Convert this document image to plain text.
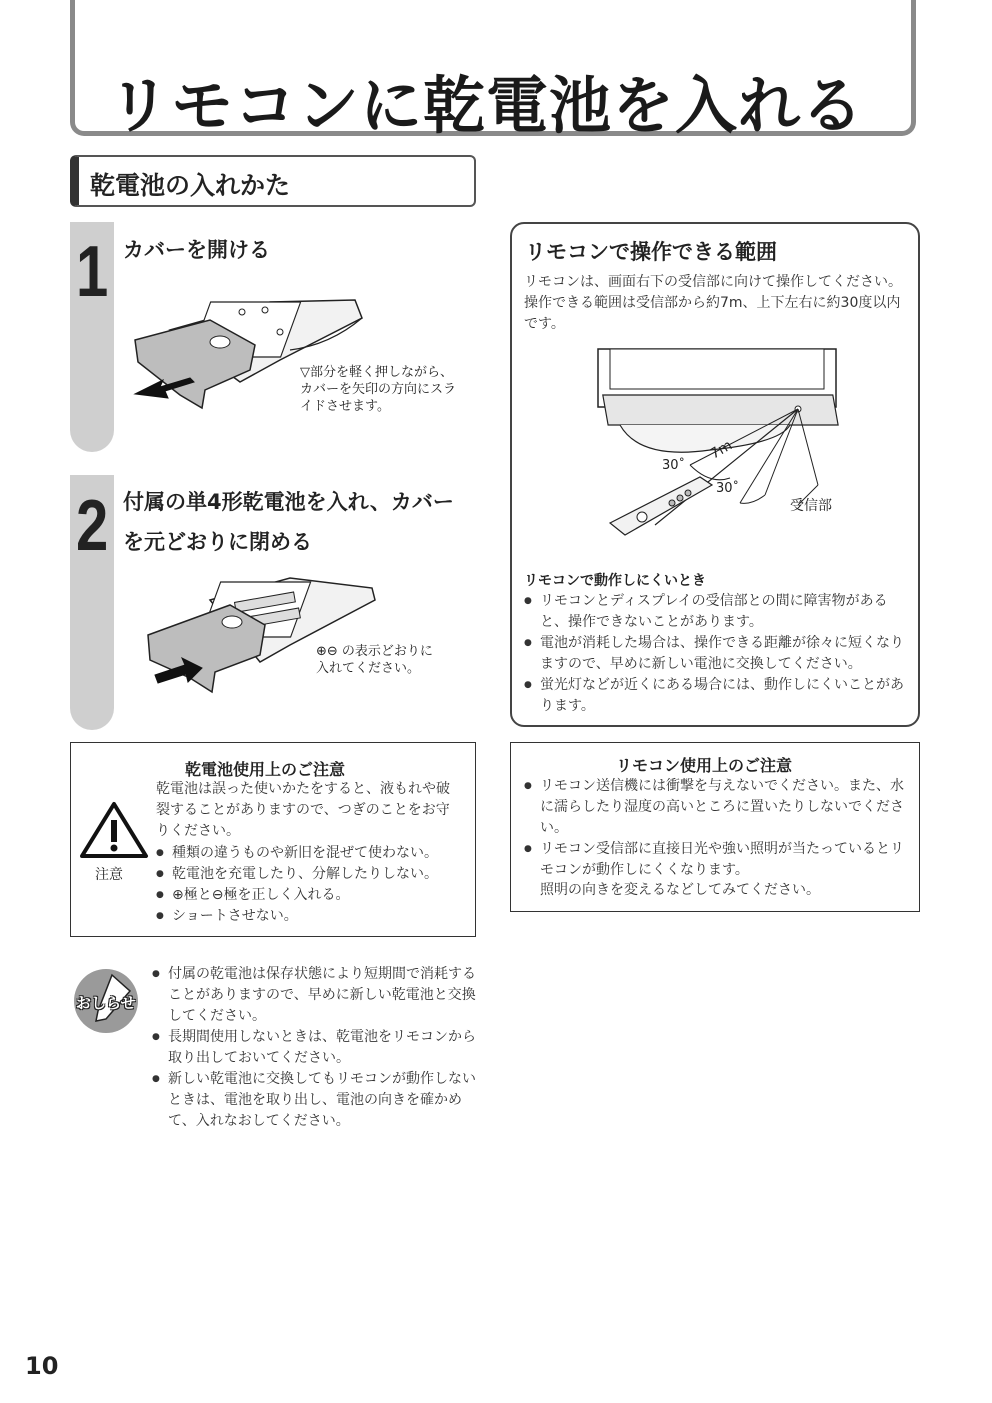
リモコンに乾電池を入れる
乾電池の入れかた
1 カバーを開ける
▽部分を軽く押しながら、
カバーを矢印の方向にスラ
イドさせます。
2 付属の単4形乾電池を入れ、カバー
を元どおりに閉める
⊕⊖ の表示どおりに
入れてください。
リモコンで操作できる範囲
リモコンは、画面右下の受信部に向けて操作してください。操作できる範囲は受信部から約7m、上下左右に約30度以内です。
7m
30˚
30˚
受信部
リモコンで動作しにくいとき
● リモコンとディスプレイの受信部との間に障害物があると、操作できないことがあります。
● 電池が消耗した場合は、操作できる距離が徐々に短くなりますので、早めに新しい電池に交換してください。
● 蛍光灯などが近くにある場合には、動作しにくいことがあります。
乾電池使用上のご注意
注意
乾電池は誤った使いかたをすると、液もれや破裂することがありますので、つぎのことをお守りください。
● 種類の違うものや新旧を混ぜて使わない。
● 乾電池を充電したり、分解したりしない。
● ⊕極と⊖極を正しく入れる。
● ショートさせない。
リモコン使用上のご注意
● リモコン送信機には衝撃を与えないでください。また、水に濡らしたり湿度の高いところに置いたりしないでください。
● リモコン受信部に直接日光や強い照明が当たっているとリモコンが動作しにくくなります。
照明の向きを変えるなどしてみてください。
おしらせ
● 付属の乾電池は保存状態により短期間で消耗することがありますので、早めに新しい乾電池と交換してください。
● 長期間使用しないときは、乾電池をリモコンから取り出しておいてください。
● 新しい乾電池に交換してもリモコンが動作しないときは、電池を取り出し、電池の向きを確かめて、入れなおしてください。
10
